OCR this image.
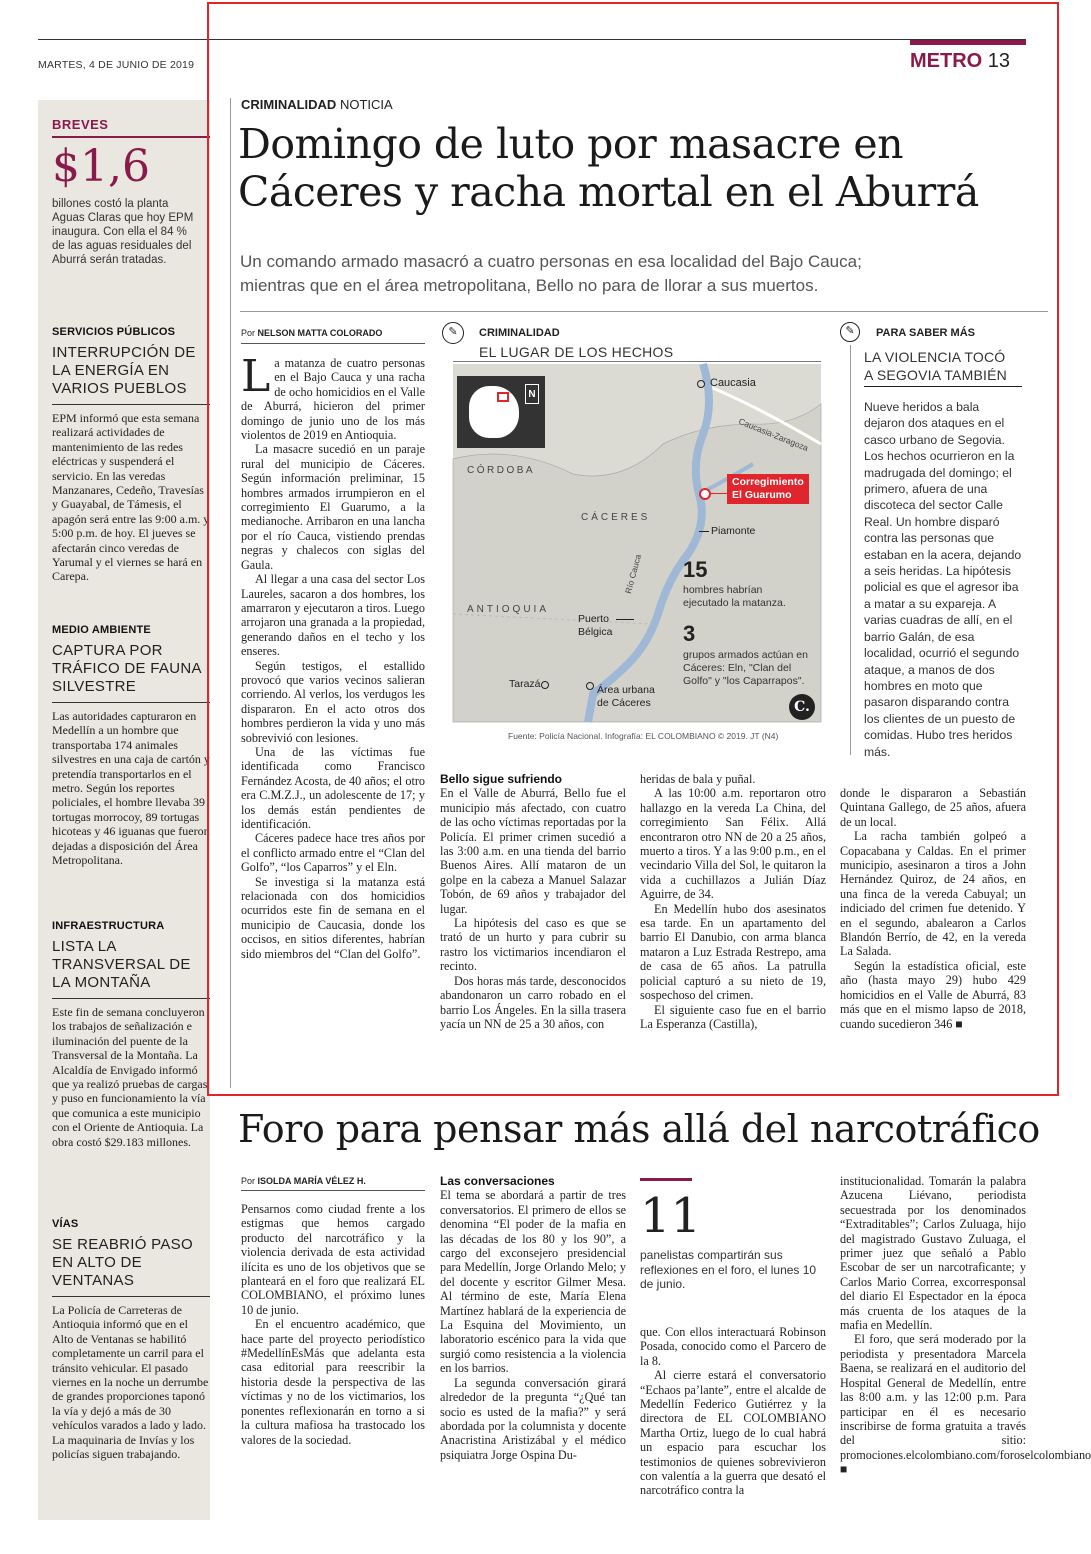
MARTES, 4 DE JUNIO DE 2019	METRO 13
BREVES
$1,6
billones costó la planta Aguas Claras que hoy EPM inaugura. Con ella el 84 % de las aguas residuales del Aburrá serán tratadas.
SERVICIOS PÚBLICOS
INTERRUPCIÓN DE LA ENERGÍA EN VARIOS PUEBLOS
EPM informó que esta semana realizará actividades de mantenimiento de las redes eléctricas y suspenderá el servicio. En las veredas Manzanares, Cedeño, Travesías y Guayabal, de Támesis, el apagón será entre las 9:00 a.m. y 5:00 p.m. de hoy. El jueves se afectarán cinco veredas de Yarumal y el viernes se hará en Carepa.
MEDIO AMBIENTE
CAPTURA POR TRÁFICO DE FAUNA SILVESTRE
Las autoridades capturaron en Medellín a un hombre que transportaba 174 animales silvestres en una caja de cartón y pretendía transportarlos en el metro. Según los reportes policiales, el hombre llevaba 39 tortugas morrocoy, 89 tortugas hicoteas y 46 iguanas que fueron dejadas a disposición del Área Metropolitana.
INFRAESTRUCTURA
LISTA LA TRANSVERSAL DE LA MONTAÑA
Este fin de semana concluyeron los trabajos de señalización e iluminación del puente de la Transversal de la Montaña. La Alcaldía de Envigado informó que ya realizó pruebas de cargas y puso en funcionamiento la vía que comunica a este municipio con el Oriente de Antioquia. La obra costó $29.183 millones.
VÍAS
SE REABRIÓ PASO EN ALTO DE VENTANAS
La Policía de Carreteras de Antioquia informó que en el Alto de Ventanas se habilitó completamente un carril para el tránsito vehicular. El pasado viernes en la noche un derrumbe de grandes proporciones taponó la vía y dejó a más de 30 vehículos varados a lado y lado. La maquinaria de Invías y los policías siguen trabajando.
CRIMINALIDAD NOTICIA
Domingo de luto por masacre en
Cáceres y racha mortal en el Aburrá
Un comando armado masacró a cuatro personas en esa localidad del Bajo Cauca;
mientras que en el área metropolitana, Bello no para de llorar a sus muertos.
Por NELSON MATTA COLORADO
L a matanza de cuatro personas en el Bajo Cauca y una racha de ocho homicidios en el Valle de Aburrá, hicieron del primer domingo de junio uno de los más violentos de 2019 en Antioquia.

La masacre sucedió en un paraje rural del municipio de Cáceres. Según información preliminar, 15 hombres armados irrumpieron en el corregimiento El Guarumo, a la medianoche. Arribaron en una lancha por el río Cauca, vistiendo prendas negras y chalecos con siglas del Gaula.

Al llegar a una casa del sector Los Laureles, sacaron a dos hombres, los amarraron y ejecutaron a tiros. Luego arrojaron una granada a la propiedad, generando daños en el techo y los enseres.

Según testigos, el estallido provocó que varios vecinos salieran corriendo. Al verlos, los verdugos les dispararon. En el acto otros dos hombres perdieron la vida y uno más sobrevivió con lesiones.

Una de las víctimas fue identificada como Francisco Fernández Acosta, de 40 años; el otro era C.M.Z.J., un adolescente de 17; y los demás están pendientes de identificación.

Cáceres padece hace tres años por el conflicto armado entre el “Clan del Golfo”, “los Caparros” y el Eln.

Se investiga si la matanza está relacionada con dos homicidios ocurridos este fin de semana en el municipio de Caucasia, donde los occisos, en sitios diferentes, habrían sido miembros del “Clan del Golfo”.

✎	CRIMINALIDAD
EL LUGAR DE LOS HECHOS
N
Caucasia
Caucasia-Zaragoza
CÓRDOBA
CÁCERES
ANTIOQUIA
Corregimiento
El Guarumo
Piamonte
Río Cauca
Puerto
Bélgica
Tarazá	Área urbana
de Cáceres
15
hombres habrían ejecutado la matanza.
3
grupos armados actúan en Cáceres: Eln, "Clan del Golfo" y "los Caparrapos".
C.
Fuente: Policía Nacional. Infografía: EL COLOMBIANO © 2019. JT (N4)
✎	PARA SABER MÁS
LA VIOLENCIA TOCÓ
A SEGOVIA TAMBIÉN
Nueve heridos a bala dejaron dos ataques en el casco urbano de Segovia. Los hechos ocurrieron en la madrugada del domingo; el primero, afuera de una discoteca del sector Calle Real. Un hombre disparó contra las personas que estaban en la acera, dejando a seis heridas. La hipótesis policial es que el agresor iba a matar a su expareja. A varias cuadras de allí, en el barrio Galán, de esa localidad, ocurrió el segundo ataque, a manos de dos hombres en moto que pasaron disparando contra los clientes de un puesto de comidas. Hubo tres heridos más.
Bello sigue sufriendo

En el Valle de Aburrá, Bello fue el municipio más afectado, con cuatro de las ocho víctimas reportadas por la Policía. El primer crimen sucedió a las 3:00 a.m. en una tienda del barrio Buenos Aires. Allí mataron de un golpe en la cabeza a Manuel Salazar Tobón, de 69 años y trabajador del lugar.

La hipótesis del caso es que se trató de un hurto y para cubrir su rastro los victimarios incendiaron el recinto.

Dos horas más tarde, desconocidos abandonaron un carro robado en el barrio Los Ángeles. En la silla trasera yacía un NN de 25 a 30 años, con

heridas de bala y puñal.

A las 10:00 a.m. reportaron otro hallazgo en la vereda La China, del corregimiento San Félix. Allá encontraron otro NN de 20 a 25 años, muerto a tiros. Y a las 9:00 p.m., en el vecindario Villa del Sol, le quitaron la vida a cuchillazos a Julián Díaz Aguirre, de 34.

En Medellín hubo dos asesinatos esa tarde. En un apartamento del barrio El Danubio, con arma blanca mataron a Luz Estrada Restrepo, ama de casa de 65 años. La patrulla policial capturó a su nieto de 19, sospechoso del crimen.

El siguiente caso fue en el barrio La Esperanza (Castilla),

donde le dispararon a Sebastián Quintana Gallego, de 25 años, afuera de un local.

La racha también golpeó a Copacabana y Caldas. En el primer municipio, asesinaron a tiros a John Hernández Quiroz, de 24 años, en una finca de la vereda Cabuyal; un indiciado del crimen fue detenido. Y en el segundo, abalearon a Carlos Blandón Berrío, de 42, en la vereda La Salada.

Según la estadística oficial, este año (hasta mayo 29) hubo 429 homicidios en el Valle de Aburrá, 83 más que en el mismo lapso de 2018, cuando sucedieron 346 ■

Foro para pensar más allá del narcotráfico
Por ISOLDA MARÍA VÉLEZ H.

Pensarnos como ciudad frente a los estigmas que hemos cargado producto del narcotráfico y la violencia derivada de esta actividad ilícita es uno de los objetivos que se planteará en el foro que realizará EL COLOMBIANO, el próximo lunes 10 de junio.

En el encuentro académico, que hace parte del proyecto periodístico #MedellínEsMás que adelanta esta casa editorial para reescribir la historia desde la perspectiva de las víctimas y no de los victimarios, los ponentes reflexionarán en torno a si la cultura mafiosa ha trastocado los valores de la sociedad.

Las conversaciones

El tema se abordará a partir de tres conversatorios. El primero de ellos se denomina “El poder de la mafia en las décadas de los 80 y los 90”, a cargo del exconsejero presidencial para Medellín, Jorge Orlando Melo; y del docente y escritor Gilmer Mesa. Al término de este, María Elena Martínez hablará de la experiencia de La Esquina del Movimiento, un laboratorio escénico para la vida que surgió como resistencia a la violencia en los barrios.

La segunda conversación girará alrededor de la pregunta “¿Qué tan socio es usted de la mafia?” y será abordada por la columnista y docente Anacristina Aristizábal y el médico psiquiatra Jorge Ospina Du-

11
panelistas compartirán sus reflexiones en el foro, el lunes 10 de junio.

que. Con ellos interactuará Robinson Posada, conocido como el Parcero de la 8.

Al cierre estará el conversatorio “Echaos pa’lante”, entre el alcalde de Medellín Federico Gutiérrez y la directora de EL COLOMBIANO Martha Ortiz, luego de lo cual habrá un espacio para escuchar los testimonios de quienes sobrevivieron con valentía a la guerra que desató el narcotráfico contra la

institucionalidad. Tomarán la palabra Azucena Liévano, periodista secuestrada por los denominados “Extraditables”; Carlos Zuluaga, hijo del magistrado Gustavo Zuluaga, el primer juez que señaló a Pablo Escobar de ser un narcotraficante; y Carlos Mario Correa, excorresponsal del diario El Espectador en la época más cruenta de los ataques de la mafia en Medellín.

El foro, que será moderado por la periodista y presentadora Marcela Baena, se realizará en el auditorio del Hospital General de Medellín, entre las 8:00 a.m. y las 12:00 p.m. Para participar en él es necesario inscribirse de forma gratuita a través del sitio: promociones.elcolombiano.com/foroselcolombiano ■
